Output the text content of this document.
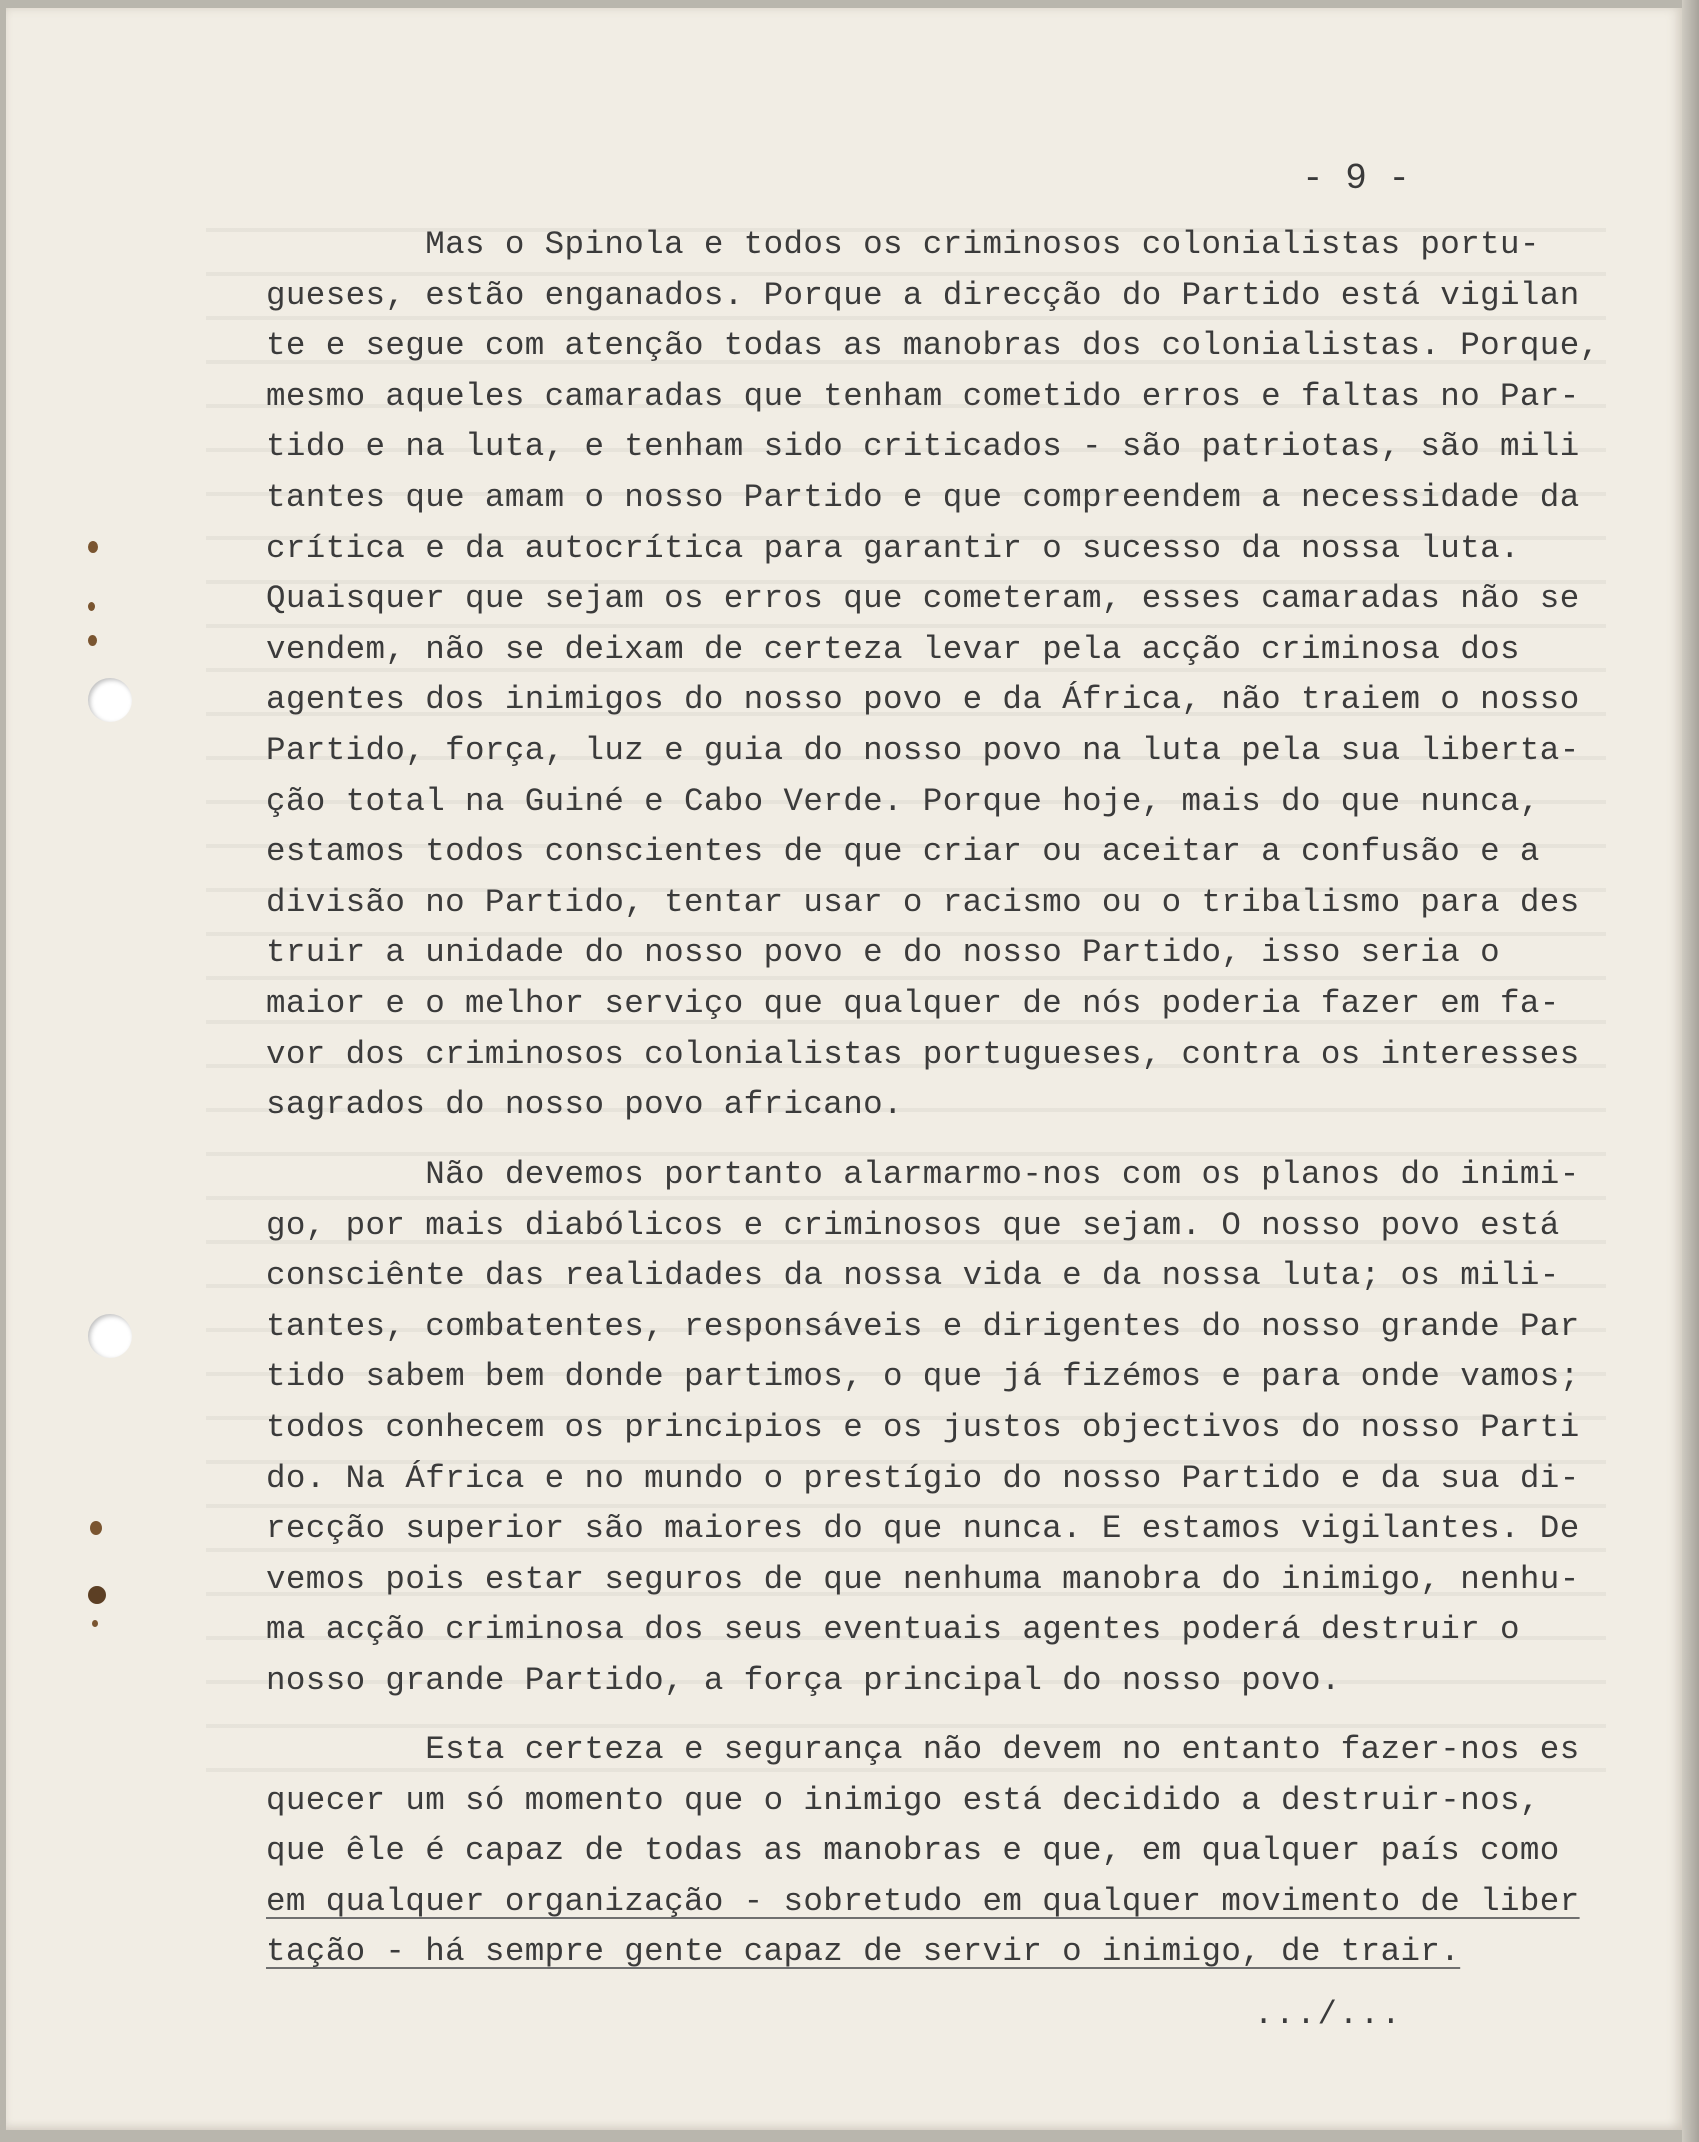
- 9 -
Mas o Spinola e todos os criminosos colonialistas portu-
gueses, estão enganados. Porque a direcção do Partido está vigilan
te e segue com atenção todas as manobras dos colonialistas. Porque,
mesmo aqueles camaradas que tenham cometido erros e faltas no Par-
tido e na luta, e tenham sido criticados - são patriotas, são mili
tantes que amam o nosso Partido e que compreendem a necessidade da
crítica e da autocrítica para garantir o sucesso da nossa luta.
Quaisquer que sejam os erros que cometeram, esses camaradas não se
vendem, não se deixam de certeza levar pela acção criminosa dos
agentes dos inimigos do nosso povo e da África, não traiem o nosso
Partido, força, luz e guia do nosso povo na luta pela sua liberta-
ção total na Guiné e Cabo Verde. Porque hoje, mais do que nunca,
estamos todos conscientes de que criar ou aceitar a confusão e a
divisão no Partido, tentar usar o racismo ou o tribalismo para des
truir a unidade do nosso povo e do nosso Partido, isso seria o
maior e o melhor serviço que qualquer de nós poderia fazer em fa-
vor dos criminosos colonialistas portugueses, contra os interesses
sagrados do nosso povo africano.
Não devemos portanto alarmarmo-nos com os planos do inimi-
go, por mais diabólicos e criminosos que sejam. O nosso povo está
consciênte das realidades da nossa vida e da nossa luta; os mili-
tantes, combatentes, responsáveis e dirigentes do nosso grande Par
tido sabem bem donde partimos, o que já fizémos e para onde vamos;
todos conhecem os principios e os justos objectivos do nosso Parti
do. Na África e no mundo o prestígio do nosso Partido e da sua di-
recção superior são maiores do que nunca. E estamos vigilantes. De
vemos pois estar seguros de que nenhuma manobra do inimigo, nenhu-
ma acção criminosa dos seus eventuais agentes poderá destruir o
nosso grande Partido, a força principal do nosso povo.
Esta certeza e segurança não devem no entanto fazer-nos es
quecer um só momento que o inimigo está decidido a destruir-nos,
que êle é capaz de todas as manobras e que, em qualquer país como
em qualquer organização - sobretudo em qualquer movimento de liber
tação - há sempre gente capaz de servir o inimigo, de trair.
.../...
